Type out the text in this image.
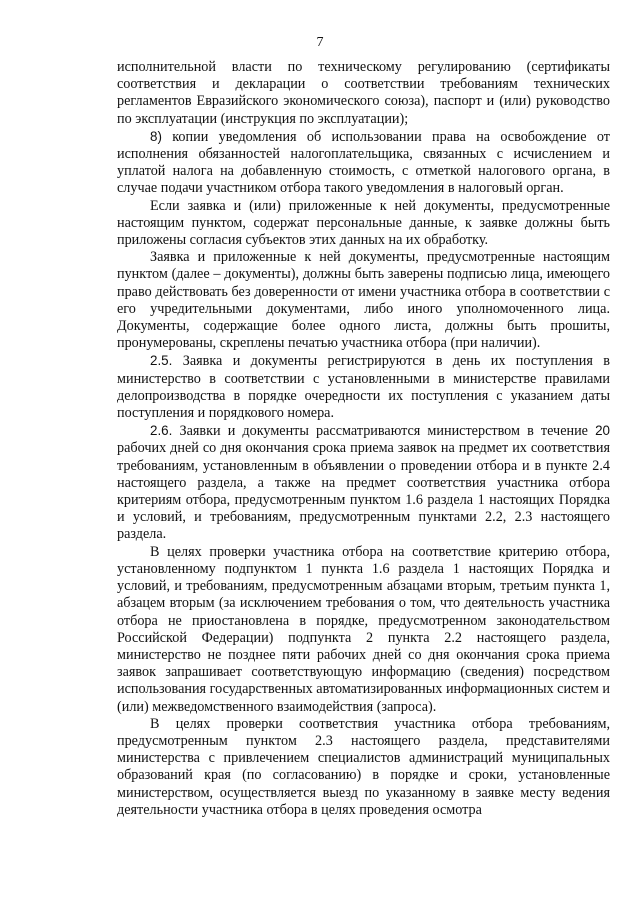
7

исполнительной власти по техническому регулированию (сертификаты соответствия и декларации о соответствии требованиям технических регламентов Евразийского экономического союза), паспорт и (или) руководство по эксплуатации (инструкция по эксплуатации);

8) копии уведомления об использовании права на освобождение от исполнения обязанностей налогоплательщика, связанных с исчислением и уплатой налога на добавленную стоимость, с отметкой налогового органа, в случае подачи участником отбора такого уведомления в налоговый орган.

Если заявка и (или) приложенные к ней документы, предусмотренные настоящим пунктом, содержат персональные данные, к заявке должны быть приложены согласия субъектов этих данных на их обработку.

Заявка и приложенные к ней документы, предусмотренные настоящим пунктом (далее – документы), должны быть заверены подписью лица, имеющего право действовать без доверенности от имени участника отбора в соответствии с его учредительными документами, либо иного уполномоченного лица. Документы, содержащие более одного листа, должны быть прошиты, пронумерованы, скреплены печатью участника отбора (при наличии).

2.5. Заявка и документы регистрируются в день их поступления в министерство в соответствии с установленными в министерстве правилами делопроизводства в порядке очередности их поступления с указанием даты поступления и порядкового номера.

2.6. Заявки и документы рассматриваются министерством в течение 20 рабочих дней со дня окончания срока приема заявок на предмет их соответствия требованиям, установленным в объявлении о проведении отбора и в пункте 2.4 настоящего раздела, а также на предмет соответствия участника отбора критериям отбора, предусмотренным пунктом 1.6 раздела 1 настоящих Порядка и условий, и требованиям, предусмотренным пунктами 2.2, 2.3 настоящего раздела.

В целях проверки участника отбора на соответствие критерию отбора, установленному подпунктом 1 пункта 1.6 раздела 1 настоящих Порядка и условий, и требованиям, предусмотренным абзацами вторым, третьим пункта 1, абзацем вторым (за исключением требования о том, что деятельность участника отбора не приостановлена в порядке, предусмотренном законодательством Российской Федерации) подпункта 2 пункта 2.2 настоящего раздела, министерство не позднее пяти рабочих дней со дня окончания срока приема заявок запрашивает соответствующую информацию (сведения) посредством использования государственных автоматизированных информационных систем и (или) межведомственного взаимодействия (запроса).

В целях проверки соответствия участника отбора требованиям, предусмотренным пунктом 2.3 настоящего раздела, представителями министерства с привлечением специалистов администраций муниципальных образований края (по согласованию) в порядке и сроки, установленные министерством, осуществляется выезд по указанному в заявке месту ведения деятельности участника отбора в целях проведения осмотра
